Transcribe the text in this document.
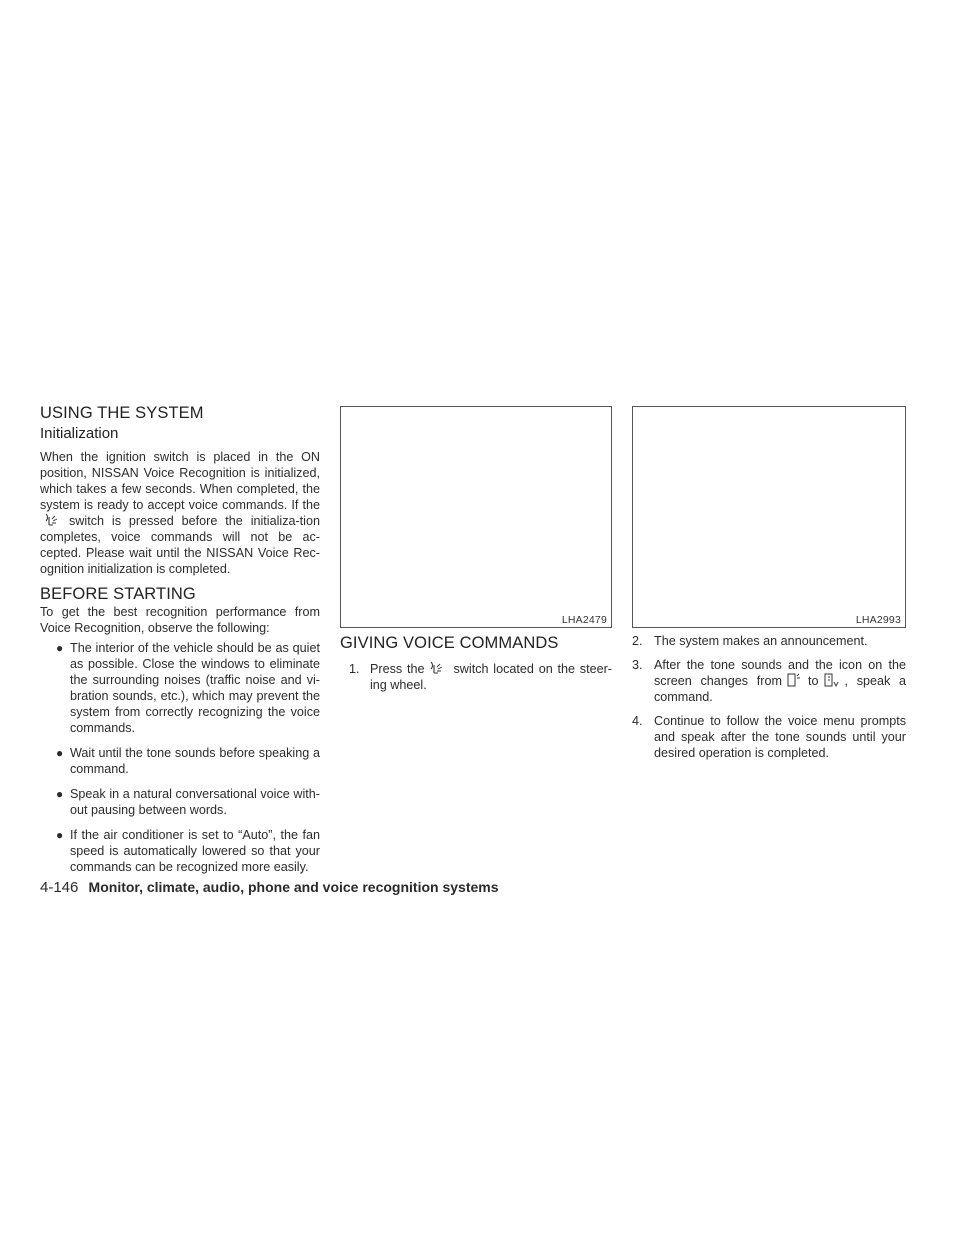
USING THE SYSTEM
Initialization

When the ignition switch is placed in the ON position, NISSAN Voice Recognition is initialized, which takes a few seconds. When completed, the system is ready to accept voice commands. If theswitch is pressed before the initializa-tion completes, voice commands will not be ac-cepted. Please wait until the NISSAN Voice Rec-ognition initialization is completed.

BEFORE STARTING

To get the best recognition performance from Voice Recognition, observe the following:

● The interior of the vehicle should be as quiet as possible. Close the windows to eliminate the surrounding noises (traffic noise and vi-bration sounds, etc.), which may prevent the system from correctly recognizing the voice commands.
● Wait until the tone sounds before speaking a command.
● Speak in a natural conversational voice with-out pausing between words.
● If the air conditioner is set to “Auto”, the fan speed is automatically lowered so that your commands can be recognized more easily.
LHA2479
GIVING VOICE COMMANDS
1. Press the switch located on the steer-ing wheel.
LHA2993
2. The system makes an announcement.
3. After the tone sounds and the icon on the screen changes from to , speak a command.
4. Continue to follow the voice menu prompts and speak after the tone sounds until your desired operation is completed.
4-146 Monitor, climate, audio, phone and voice recognition systems
